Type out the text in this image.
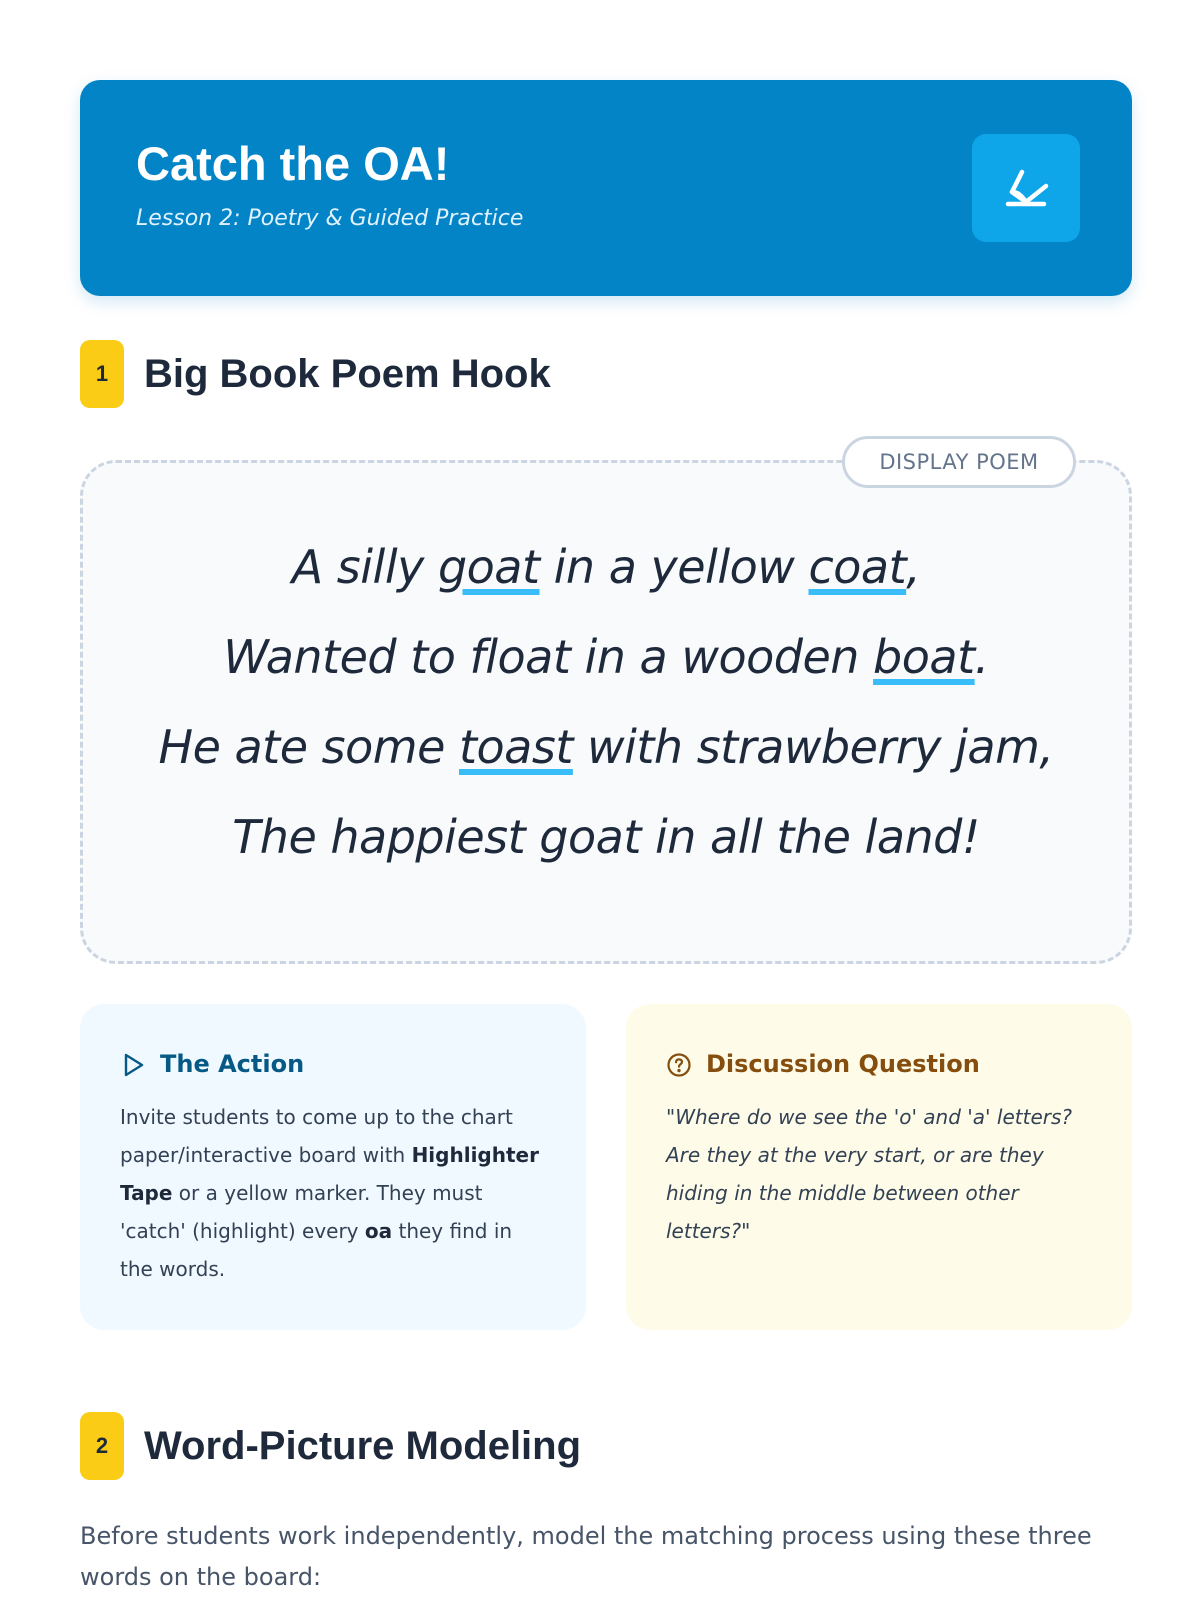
Catch the OA!
Lesson 2: Poetry & Guided Practice
1 Big Book Poem Hook
DISPLAY POEM
A silly goat in a yellow coat,
Wanted to float in a wooden boat.
He ate some toast with strawberry jam,
The happiest goat in all the land!
The Action
Invite students to come up to the chart paper/interactive board with Highlighter Tape or a yellow marker. They must 'catch' (highlight) every oa they find in the words.
Discussion Question
"Where do we see the 'o' and 'a' letters? Are they at the very start, or are they hiding in the middle between other letters?"
2 Word-Picture Modeling
Before students work independently, model the matching process using these three words on the board:
